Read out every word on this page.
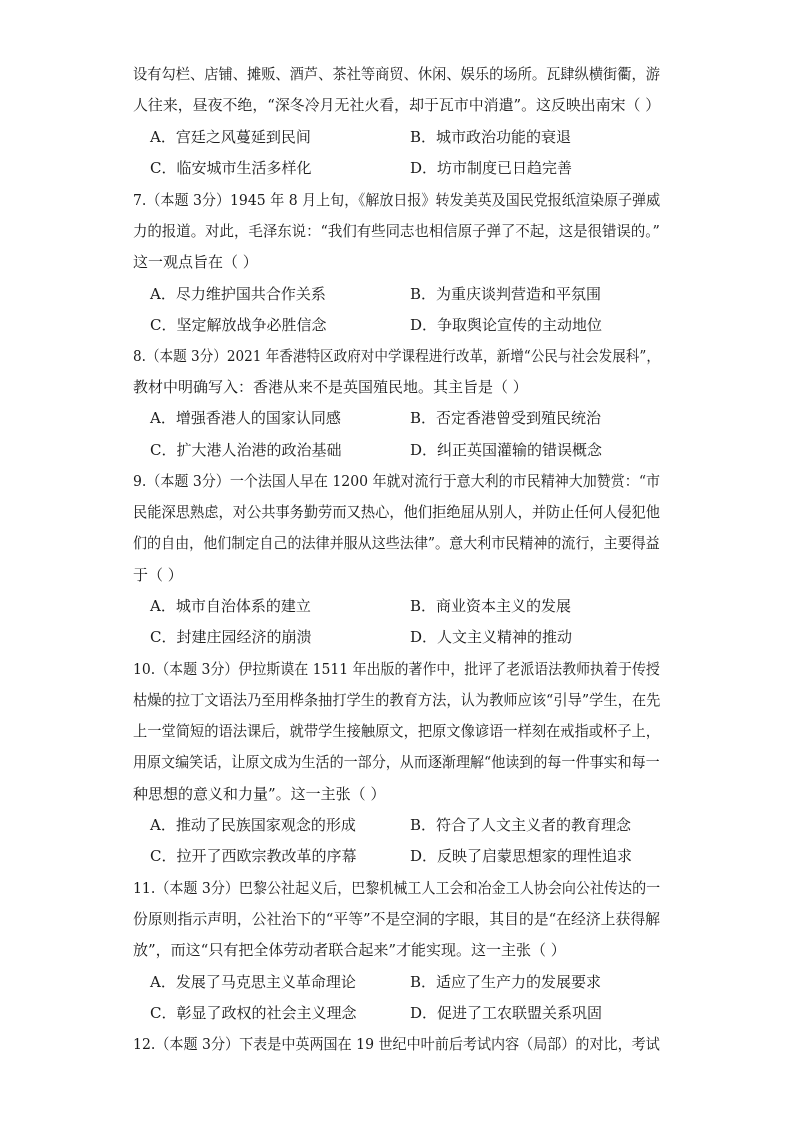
设有勾栏、店铺、摊贩、酒芦、茶社等商贸、休闲、娱乐的场所。瓦肆纵横街衢，游
人往来，昼夜不绝，“深冬冷月无社火看，却于瓦市中消遣”。这反映出南宋（ ）
A．宫廷之风蔓延到民间	B．城市政治功能的衰退
C．临安城市生活多样化	D．坊市制度已日趋完善
7.（本题 3分）1945 年 8 月上旬，《解放日报》转发美英及国民党报纸渲染原子弹威
力的报道。对此，毛泽东说：“我们有些同志也相信原子弹了不起，这是很错误的。”
这一观点旨在（ ）
A．尽力维护国共合作关系	B．为重庆谈判营造和平氛围
C．坚定解放战争必胜信念	D．争取舆论宣传的主动地位
8.（本题 3分）2021 年香港特区政府对中学课程进行改革，新增“公民与社会发展科”，
教材中明确写入：香港从来不是英国殖民地。其主旨是（ ）
A．增强香港人的国家认同感	B．否定香港曾受到殖民统治
C．扩大港人治港的政治基础	D．纠正英国灌输的错误概念
9.（本题 3分）一个法国人早在 1200 年就对流行于意大利的市民精神大加赞赏：“市
民能深思熟虑，对公共事务勤劳而又热心，他们拒绝屈从别人，并防止任何人侵犯他
们的自由，他们制定自己的法律并服从这些法律”。意大利市民精神的流行，主要得益
于（ ）
A．城市自治体系的建立	B．商业资本主义的发展
C．封建庄园经济的崩溃	D．人文主义精神的推动
10.（本题 3分）伊拉斯谟在 1511 年出版的著作中，批评了老派语法教师执着于传授
枯燥的拉丁文语法乃至用桦条抽打学生的教育方法，认为教师应该“引导”学生，在先
上一堂简短的语法课后，就带学生接触原文，把原文像谚语一样刻在戒指或杯子上，
用原文编笑话，让原文成为生活的一部分，从而逐渐理解“他读到的每一件事实和每一
种思想的意义和力量”。这一主张（ ）
A．推动了民族国家观念的形成	B．符合了人文主义者的教育理念
C．拉开了西欧宗教改革的序幕	D．反映了启蒙思想家的理性追求
11.（本题 3分）巴黎公社起义后，巴黎机械工人工会和冶金工人协会向公社传达的一
份原则指示声明，公社治下的“平等”不是空洞的字眼，其目的是“在经济上获得解
放”，而这“只有把全体劳动者联合起来”才能实现。这一主张（ ）
A．发展了马克思主义革命理论	B．适应了生产力的发展要求
C．彰显了政权的社会主义理念	D．促进了工农联盟关系巩固
12.（本题 3分）下表是中英两国在 19 世纪中叶前后考试内容（局部）的对比，考试
